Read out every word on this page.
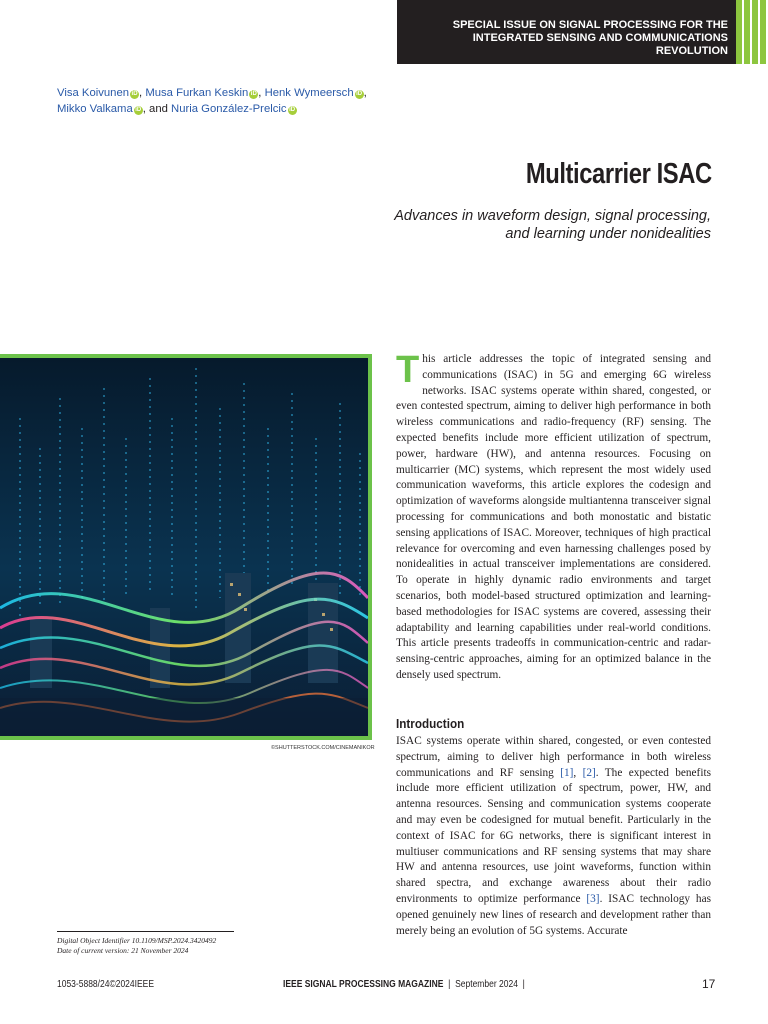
SPECIAL ISSUE ON SIGNAL PROCESSING FOR THE
INTEGRATED SENSING AND COMMUNICATIONS
REVOLUTION
Visa Koivunen iD , Musa Furkan Keskin iD , Henk Wymeersch iD ,
Mikko Valkama iD , and Nuria González-Prelcic iD
Multicarrier ISAC
Advances in waveform design, signal processing,
and learning under nonidealities
©SHUTTERSTOCK.COM/CINEMANIKOR
T his article addresses the topic of integrated sensing and communications (ISAC) in 5G and emerging 6G wireless networks. ISAC systems operate within shared, congested, or even contested spectrum, aiming to deliver high performance in both wireless communications and radio-frequency (RF) sensing. The expected benefits include more efficient utilization of spectrum, power, hardware (HW), and antenna resources. Focusing on multicarrier (MC) systems, which represent the most widely used communication waveforms, this article explores the codesign and optimization of waveforms alongside multiantenna transceiver signal processing for communications and both monostatic and bistatic sensing applications of ISAC. Moreover, techniques of high practical relevance for overcoming and even harnessing challenges posed by nonidealities in actual transceiver implementations are considered. To operate in highly dynamic radio environments and target scenarios, both model-based structured optimization and learning-based methodologies for ISAC systems are covered, assessing their adaptability and learning capabilities under real-world conditions. This article presents tradeoffs in communication-centric and radar-sensing-centric approaches, aiming for an optimized balance in the densely used spectrum.

Introduction

ISAC systems operate within shared, congested, or even contested spectrum, aiming to deliver high performance in both wireless communications and RF sensing [1], [2]. The expected benefits include more efficient utilization of spectrum, power, HW, and antenna resources. Sensing and communication systems cooperate and may even be codesigned for mutual benefit. Particularly in the context of ISAC for 6G networks, there is significant interest in multiuser communications and RF sensing systems that may share HW and antenna resources, use joint waveforms, function within shared spectra, and exchange awareness about their radio environments to optimize performance [3]. ISAC technology has opened genuinely new lines of research and development rather than merely being an evolution of 5G systems. Accurate

Digital Object Identifier 10.1109/MSP.2024.3420492
Date of current version: 21 November 2024
1053-5888/24©2024IEEE	IEEE SIGNAL PROCESSING MAGAZINE | September 2024 |	17
